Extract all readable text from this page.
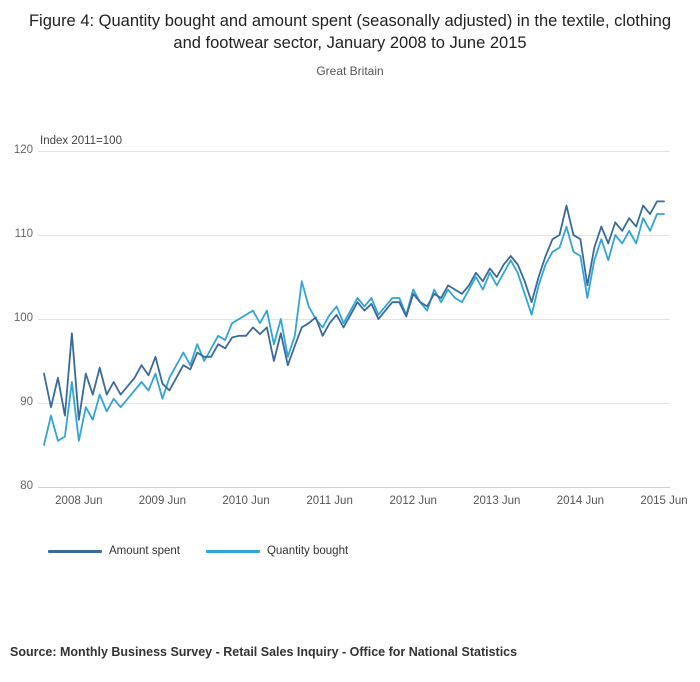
Figure 4: Quantity bought and amount spent (seasonally adjusted) in the textile, clothing and footwear sector, January 2008 to June 2015
Great Britain
Index 2011=100
80
90
100
110
120
2008 Jun	2009 Jun	2010 Jun	2011 Jun	2012 Jun	2013 Jun	2014 Jun	2015 Jun
Amount spent	Quantity bought
Source: Monthly Business Survey - Retail Sales Inquiry - Office for National Statistics
